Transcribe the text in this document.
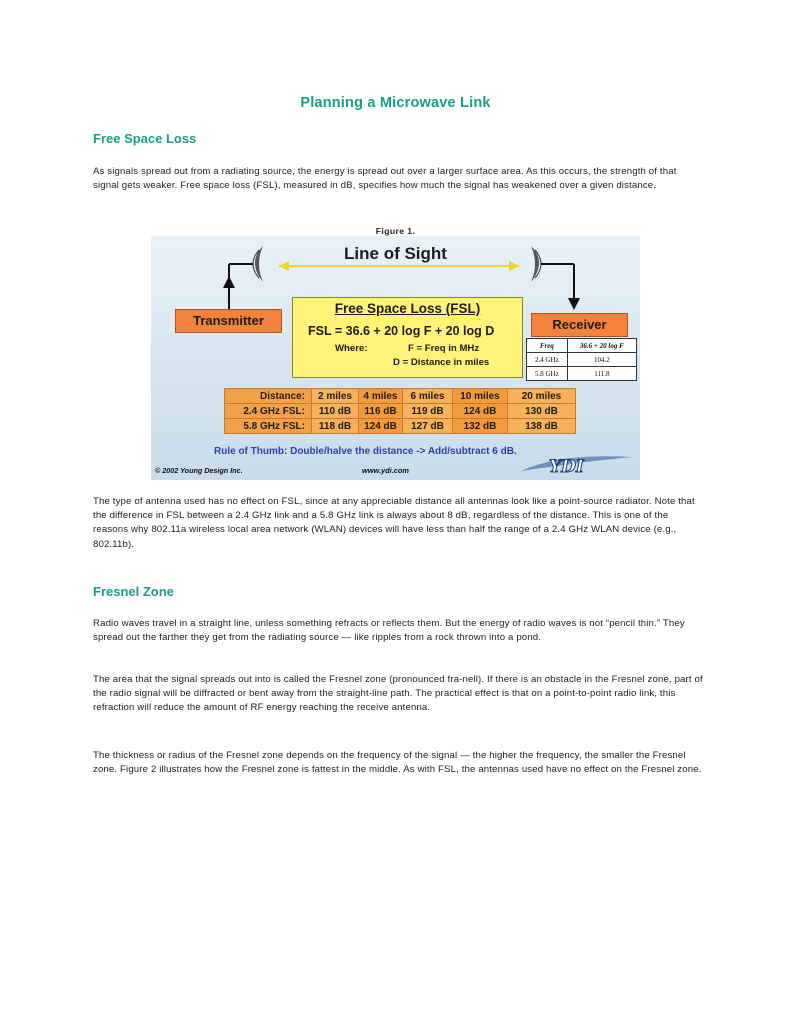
Planning a Microwave Link
Free Space Loss

As signals spread out from a radiating source, the energy is spread out over a larger surface area. As this occurs, the strength of that signal gets weaker. Free space loss (FSL), measured in dB, specifies how much the signal has weakened over a given distance.

Figure 1.
Line of Sight
Transmitter	Receiver
Free Space Loss (FSL)
FSL = 36.6 + 20 log F + 20 log D
Where:	F = Freq in MHz
D = Distance in miles
Freq	36.6 + 20 log F
2.4 GHz	104.2
5.8 GHz	111.8
Distance:	2 miles	4 miles	6 miles	10 miles	20 miles
2.4 GHz FSL:	110 dB	116 dB	119 dB	124 dB	130 dB
5.8 GHz FSL:	118 dB	124 dB	127 dB	132 dB	138 dB
Rule of Thumb: Double/halve the distance -> Add/subtract 6 dB.
© 2002 Young Design Inc.	www.ydi.com	YDI

The type of antenna used has no effect on FSL, since at any appreciable distance all antennas look like a point-source radiator. Note that the difference in FSL between a 2.4 GHz link and a 5.8 GHz link is always about 8 dB, regardless of the distance. This is one of the reasons why 802.11a wireless local area network (WLAN) devices will have less than half the range of a 2.4 GHz WLAN device (e.g., 802.11b).

Fresnel Zone

Radio waves travel in a straight line, unless something refracts or reflects them. But the energy of radio waves is not “pencil thin.” They spread out the farther they get from the radiating source — like ripples from a rock thrown into a pond.

The area that the signal spreads out into is called the Fresnel zone (pronounced fra-nell). If there is an obstacle in the Fresnel zone, part of the radio signal will be diffracted or bent away from the straight-line path. The practical effect is that on a point-to-point radio link, this refraction will reduce the amount of RF energy reaching the receive antenna.

The thickness or radius of the Fresnel zone depends on the frequency of the signal — the higher the frequency, the smaller the Fresnel zone. Figure 2 illustrates how the Fresnel zone is fattest in the middle. As with FSL, the antennas used have no effect on the Fresnel zone.
